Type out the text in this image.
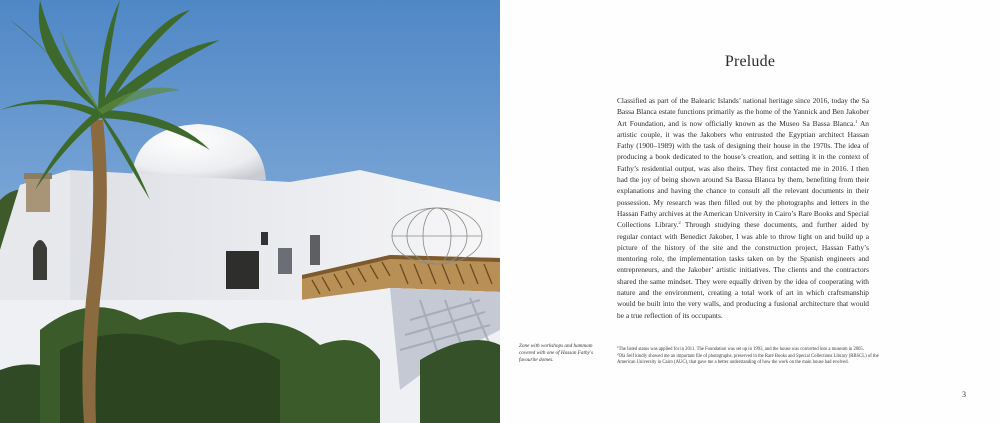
Prelude

Classified as part of the Balearic Islands’ national heritage since 2016, today the Sa Bassa Blanca estate functions primarily as the home of the Yannick and Ben Jakober Art Foundation, and is now officially known as the Museo Sa Bassa Blanca.$^1$ An artistic couple, it was the Jakobers who entrusted the Egyptian architect Hassan Fathy (1900–1989) with the task of designing their house in the 1970s. The idea of producing a book dedicated to the house’s creation, and setting it in the context of Fathy’s residential output, was also theirs. They first contacted me in 2016. I then had the joy of being shown around Sa Bassa Blanca by them, benefiting from their explanations and having the chance to consult all the relevant documents in their possession. My research was then filled out by the photographs and letters in the Hassan Fathy archives at the American University in Cairo’s Rare Books and Special Collections Library.$^2$ Through studying these documents, and further aided by regular contact with Benedict Jakober, I was able to throw light on and build up a picture of the history of the site and the construction project, Hassan Fathy’s mentoring role, the implementation tasks taken on by the Spanish engineers and entrepreneurs, and the Jakober’ artistic initiatives. The clients and the contractors shared the same mindset. They were equally driven by the idea of cooperating with nature and the environment, creating a total work of art in which craftsmanship would be built into the very walls, and producing a fusional architecture that would be a true reflection of its occupants.

$^1$The listed status was applied for in 2011. The Foundation was set up in 1993, and the house was converted into a museum in 2005.
$^2$Ola Seif kindly showed me an important file of photographs, preserved in the Rare Books and Special Collections Library (RBSCL) of the American University in Cairo (AUC), that gave me a better understanding of how the work on the main house had evolved.
Zone with workshops and hammam covered with one of Hassan Fathy's favourite domes.
3
